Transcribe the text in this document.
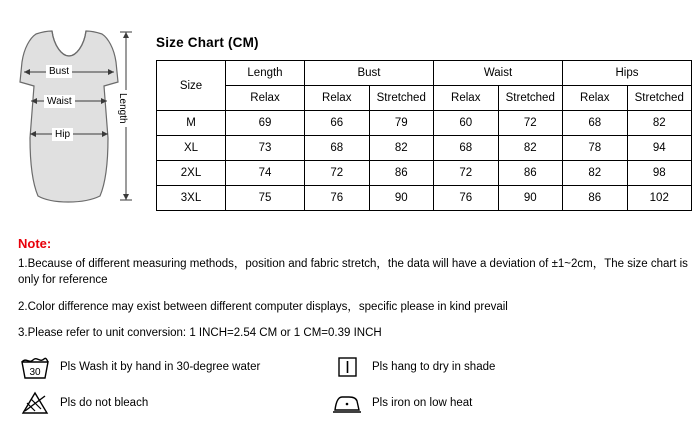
Bust
Waist
Hip
Length
Size Chart (CM)
Size	Length	Bust		Waist		Hips	
	Relax	Relax	Stretched	Relax	Stretched	Relax	Stretched
M	69	66	79	60	72	68	82
XL	73	68	82	68	82	78	94
2XL	74	72	86	72	86	82	98
3XL	75	76	90	76	90	86	102
Note:
1.Because of different measuring methods，position and fabric stretch，the data will have a deviation of ±1~2cm，The size chart is only for reference
2.Color difference may exist between different computer displays，specific please in kind prevail
3.Please refer to unit conversion: 1 INCH=2.54 CM or 1 CM=0.39 INCH
30 Pls Wash it by hand in 30-degree water	Pls hang to dry in shade
Pls do not bleach	Pls iron on low heat
